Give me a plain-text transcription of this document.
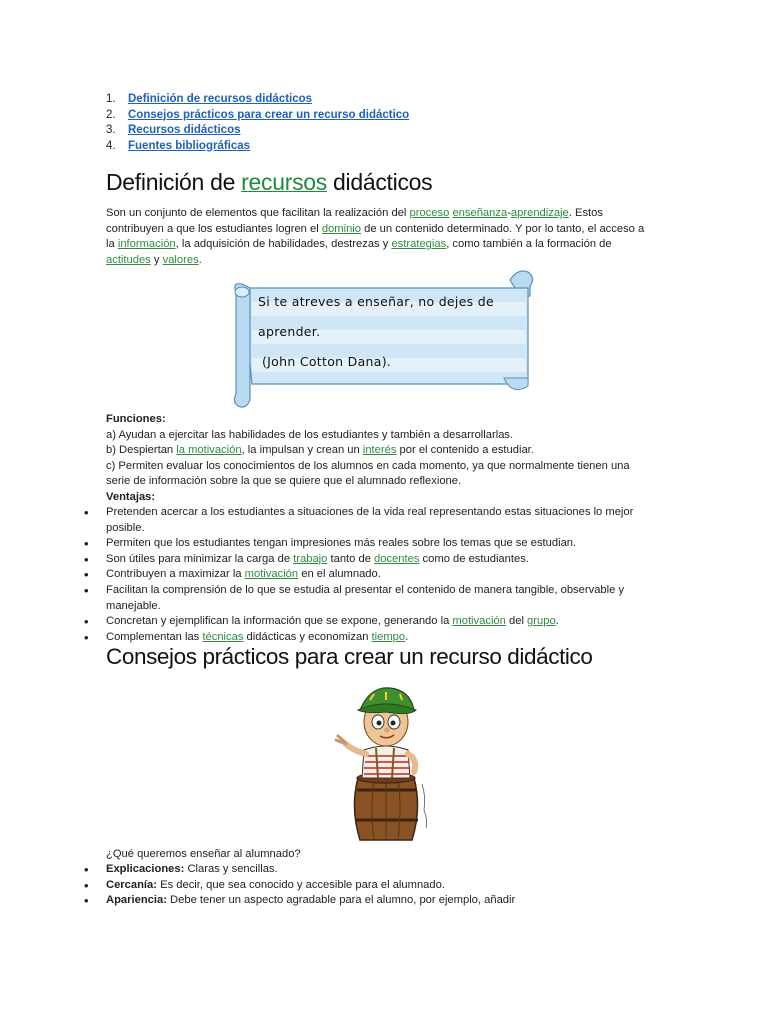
1.	Definición de recursos didácticos
2.	Consejos prácticos para crear un recurso didáctico
3.	Recursos didácticos
4.	Fuentes bibliográficas
Definición de recursos didácticos
Son un conjunto de elementos que facilitan la realización del proceso enseñanza-aprendizaje. Estos contribuyen a que los estudiantes logren el dominio de un contenido determinado. Y por lo tanto, el acceso a la información, la adquisición de habilidades, destrezas y estrategias, como también a la formación de actitudes y valores.
Si te atreves a enseñar, no dejes de
aprender.
(John Cotton Dana).
Funciones:
a) Ayudan a ejercitar las habilidades de los estudiantes y también a desarrollarlas.
b) Despiertan la motivación, la impulsan y crean un interés por el contenido a estudiar.
c) Permiten evaluar los conocimientos de los alumnos en cada momento, ya que normalmente tienen una serie de información sobre la que se quiere que el alumnado reflexione.
Ventajas:
• Pretenden acercar a los estudiantes a situaciones de la vida real representando estas situaciones lo mejor posible.
• Permiten que los estudiantes tengan impresiones más reales sobre los temas que se estudian.
• Son útiles para minimizar la carga de trabajo tanto de docentes como de estudiantes.
• Contribuyen a maximizar la motivación en el alumnado.
• Facilitan la comprensión de lo que se estudia al presentar el contenido de manera tangible, observable y manejable.
• Concretan y ejemplifican la información que se expone, generando la motivación del grupo.
• Complementan las técnicas didácticas y economizan tiempo.
Consejos prácticos para crear un recurso didáctico
¿Qué queremos enseñar al alumnado?
• Explicaciones: Claras y sencillas.
• Cercanía: Es decir, que sea conocido y accesible para el alumnado.
• Apariencia: Debe tener un aspecto agradable para el alumno, por ejemplo, añadir
